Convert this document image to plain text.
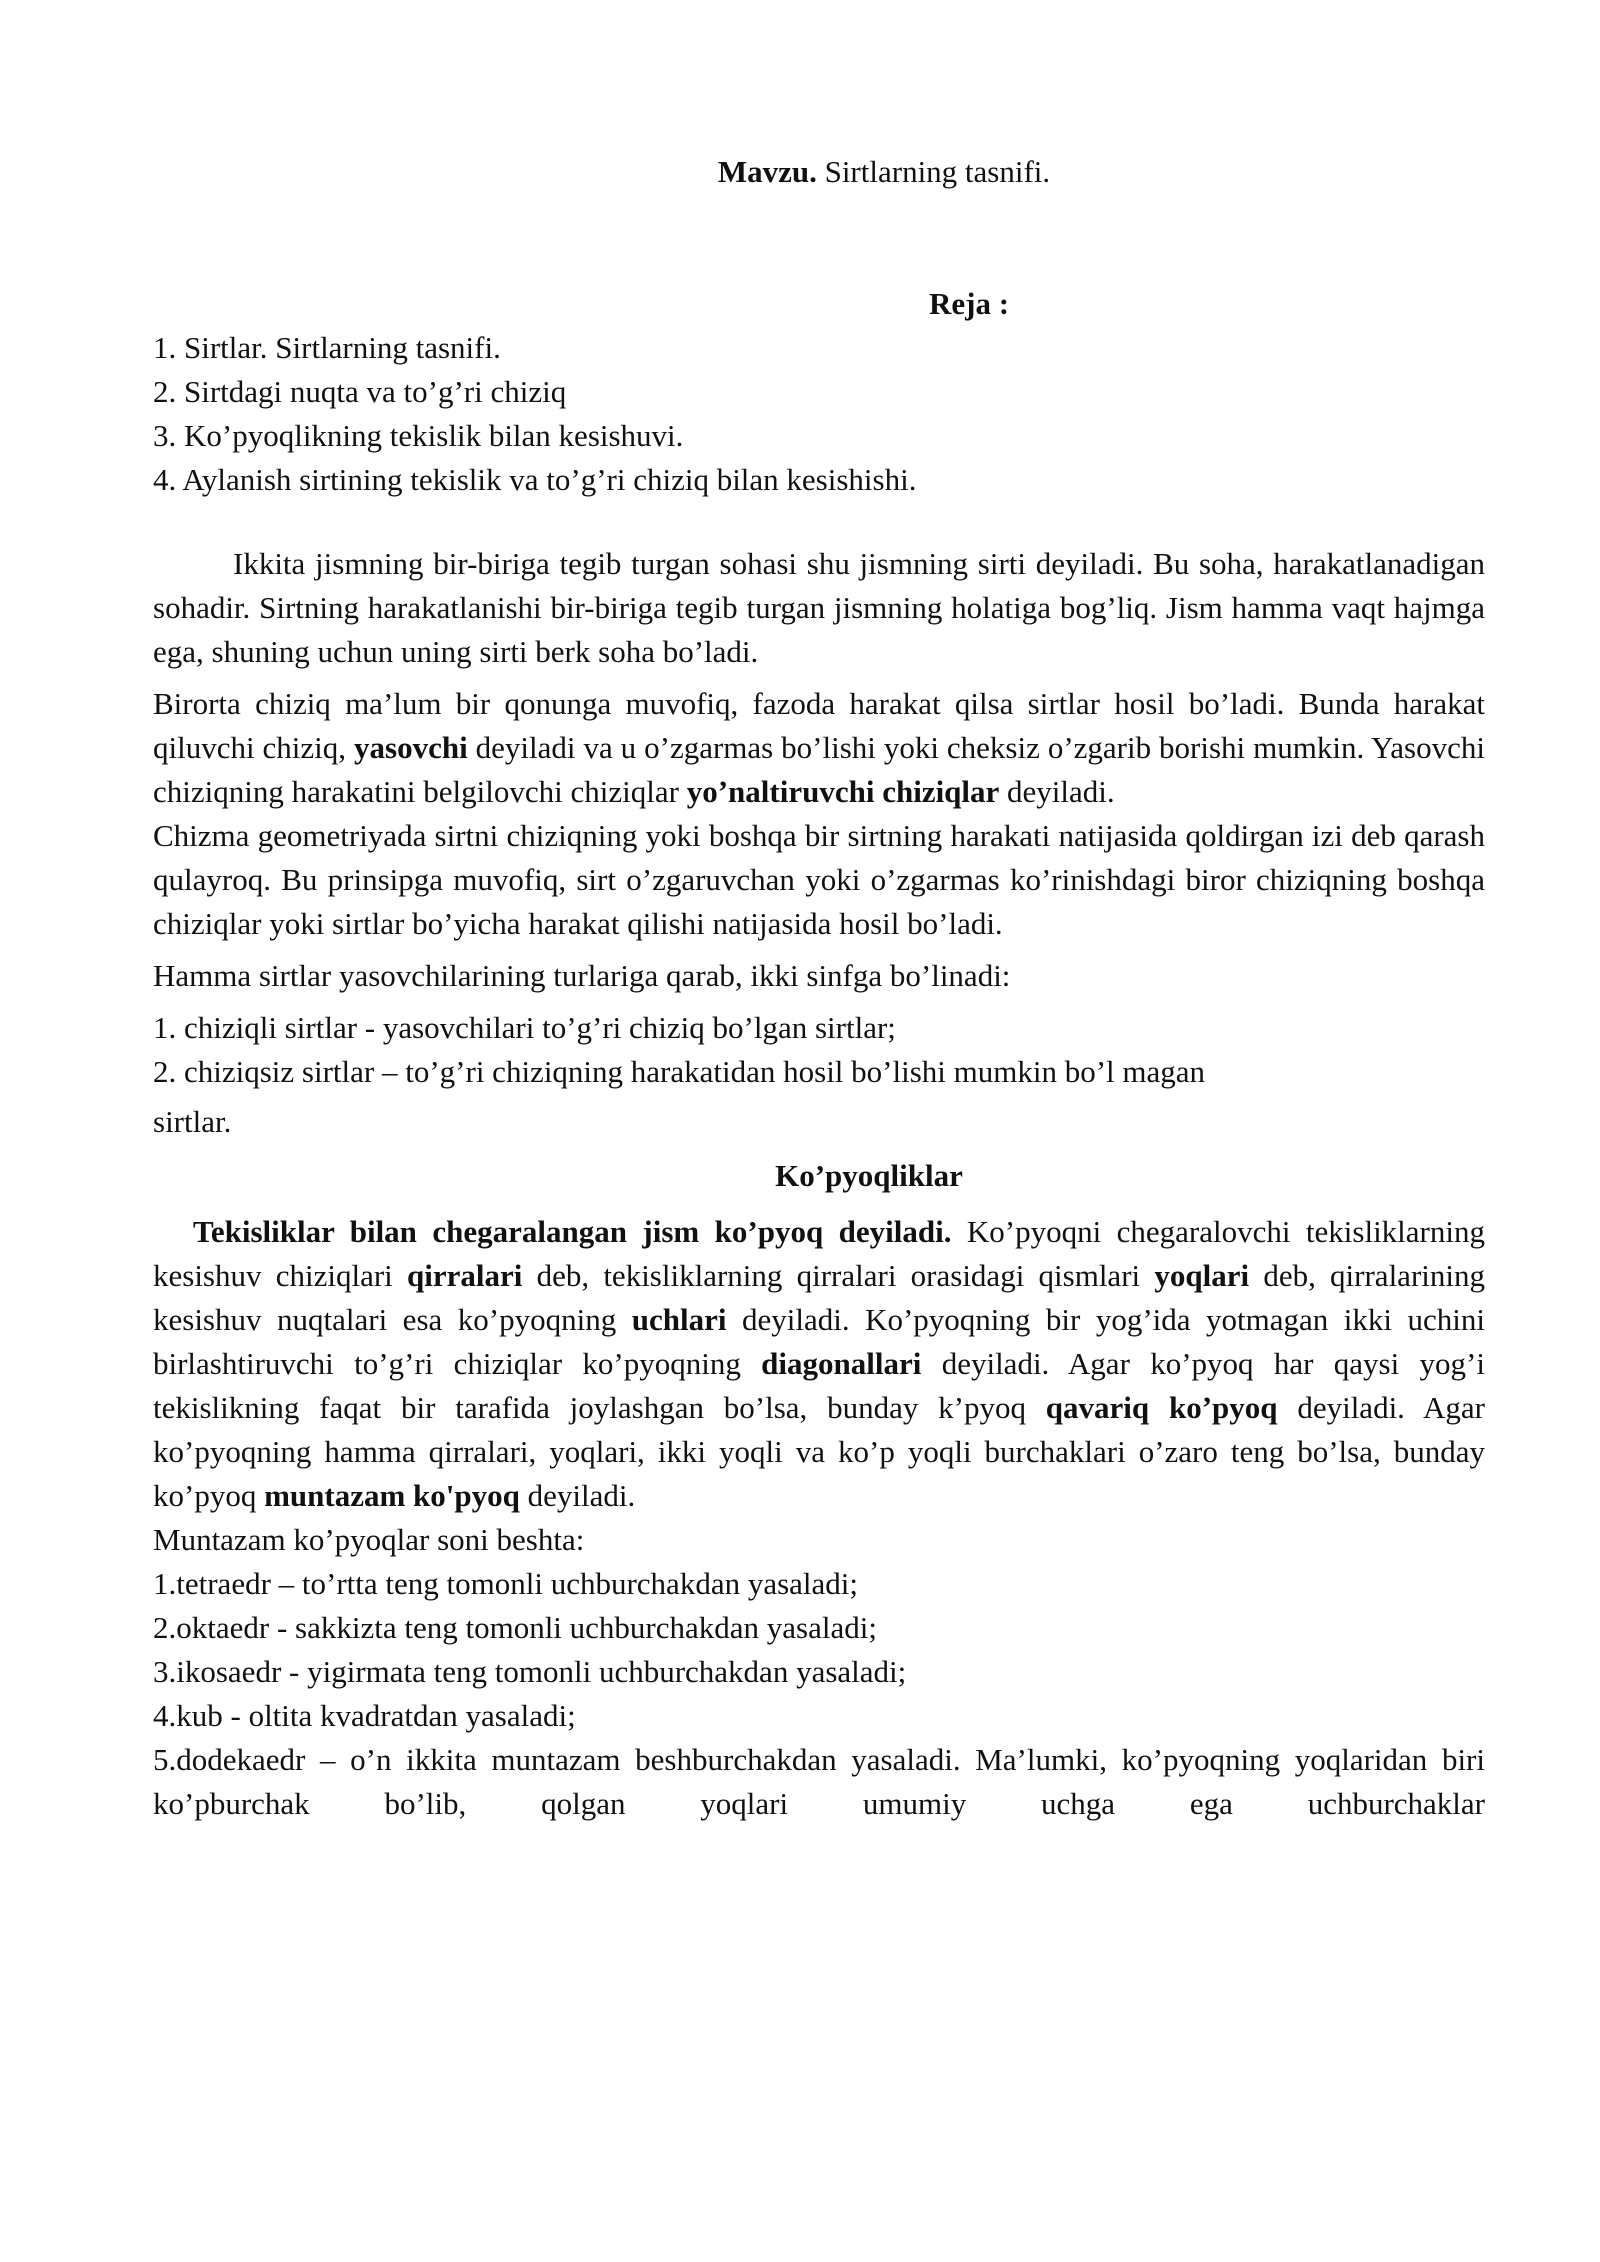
Mavzu. Sirtlarning tasnifi.
Reja :
1. Sirtlar. Sirtlarning tasnifi.
2. Sirtdagi nuqta va to’g’ri chiziq
3. Ko’pyoqlikning tekislik bilan kesishuvi.
4. Aylanish sirtining tekislik va to’g’ri chiziq bilan kesishishi.

Ikkita jismning bir-biriga tegib turgan sohasi shu jismning sirti deyiladi. Bu soha, harakatlanadigan sohadir. Sirtning harakatlanishi bir-biriga tegib turgan jismning holatiga bog’liq. Jism hamma vaqt hajmga ega, shuning uchun uning sirti berk soha bo’ladi.

Birorta chiziq ma’lum bir qonunga muvofiq, fazoda harakat qilsa sirtlar hosil bo’ladi. Bunda harakat qiluvchi chiziq, yasovchi deyiladi va u o’zgarmas bo’lishi yoki cheksiz o’zgarib borishi mumkin. Yasovchi chiziqning harakatini belgilovchi chiziqlar yoʼnaltiruvchi chiziqlar deyiladi.

Chizma geometriyada sirtni chiziqning yoki boshqa bir sirtning harakati natijasida qoldirgan izi deb qarash qulayroq. Bu prinsipga muvofiq, sirt o’zgaruvchan yoki o’zgarmas ko’rinishdagi biror chiziqning boshqa chiziqlar yoki sirtlar bo’yicha harakat qilishi natijasida hosil bo’ladi.

Hamma sirtlar yasovchilarining turlariga qarab, ikki sinfga bo’linadi:

1. chiziqli sirtlar - yasovchilari to’g’ri chiziq bo’lgan sirtlar;
2. chiziqsiz sirtlar – to’g’ri chiziqning harakatidan hosil bo’lishi mumkin bo’l magan
sirtlar.
Ko’pyoqliklar

Tekisliklar bilan chegaralangan jism ko’pyoq deyiladi. Ko’pyoqni chegaralovchi tekisliklarning kesishuv chiziqlari qirralari deb, tekisliklarning qirralari orasidagi qismlari yoqlari deb, qirralarining kesishuv nuqtalari esa ko’pyoqning uchlari deyiladi. Ko’pyoqning bir yog’ida yotmagan ikki uchini birlashtiruvchi to’g’ri chiziqlar ko’pyoqning diagonallari deyiladi. Agar ko’pyoq har qaysi yog’i tekislikning faqat bir tarafida joylashgan bo’lsa, bunday k’pyoq qavariq koʼpyoq deyiladi. Agar ko’pyoqning hamma qirralari, yoqlari, ikki yoqli va ko’p yoqli burchaklari o’zaro teng bo’lsa, bunday ko’pyoq muntazam ko'pyoq deyiladi.

Muntazam ko’pyoqlar soni beshta:
1.tetraedr – to’rtta teng tomonli uchburchakdan yasaladi;
2.oktaedr - sakkizta teng tomonli uchburchakdan yasaladi;
3.ikosaedr - yigirmata teng tomonli uchburchakdan yasaladi;
4.kub - oltita kvadratdan yasaladi;

5.dodekaedr – o’n ikkita muntazam beshburchakdan yasaladi. Ma’lumki, ko’pyoqning yoqlaridan biri ko’pburchak bo’lib, qolgan yoqlari umumiy uchga ega uchburchaklar
